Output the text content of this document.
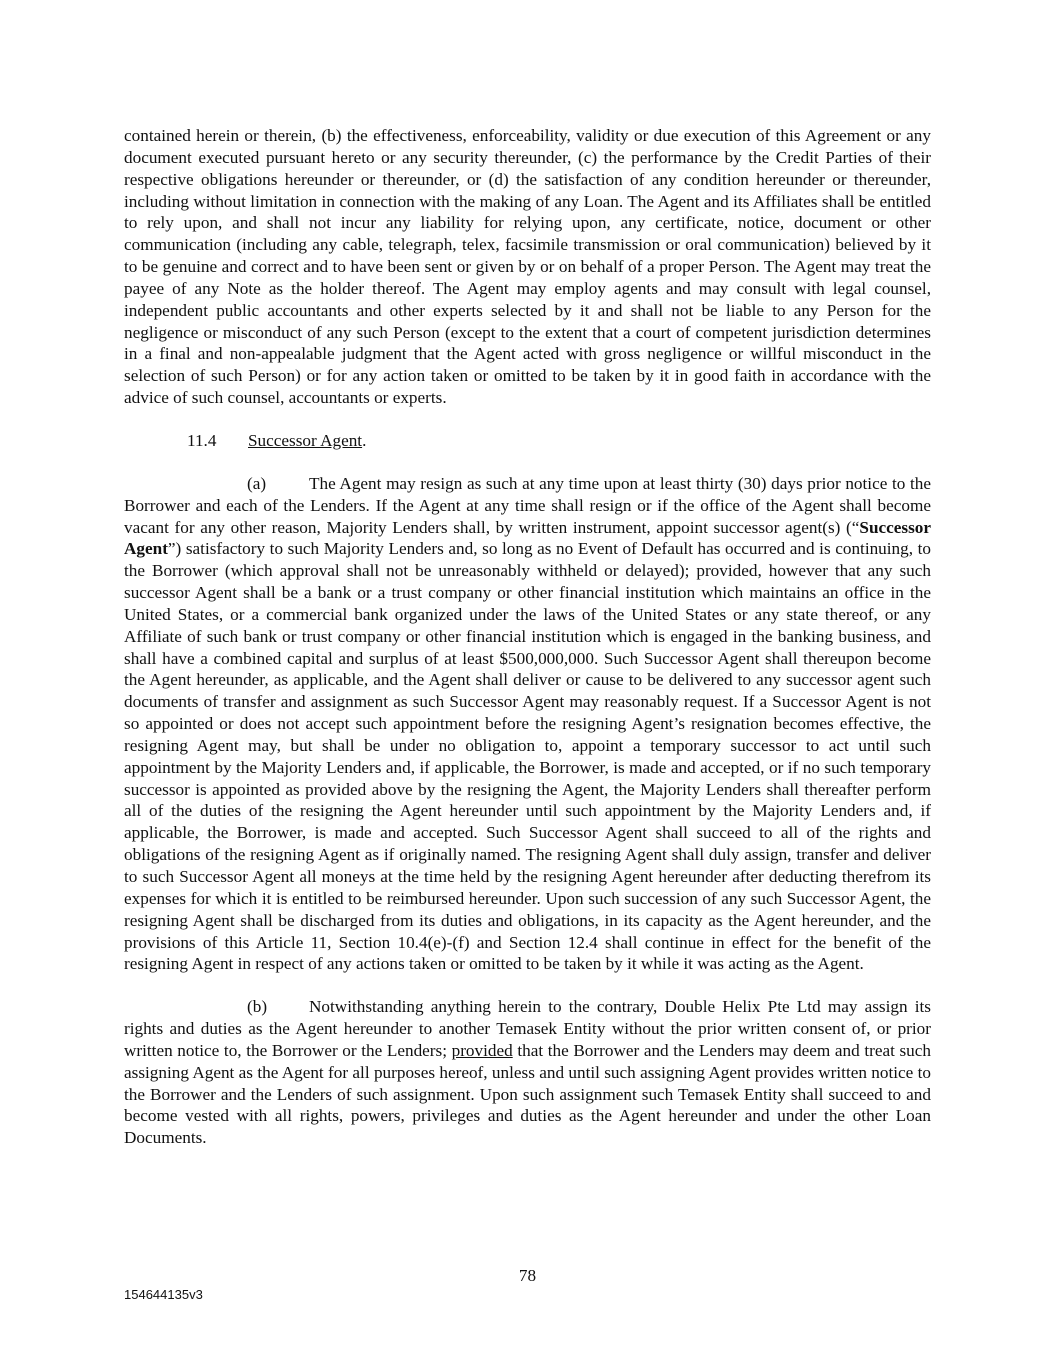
contained herein or therein, (b) the effectiveness, enforceability, validity or due execution of this Agreement or any document executed pursuant hereto or any security thereunder, (c) the performance by the Credit Parties of their respective obligations hereunder or thereunder, or (d) the satisfaction of any condition hereunder or thereunder, including without limitation in connection with the making of any Loan. The Agent and its Affiliates shall be entitled to rely upon, and shall not incur any liability for relying upon, any certificate, notice, document or other communication (including any cable, telegraph, telex, facsimile transmission or oral communication) believed by it to be genuine and correct and to have been sent or given by or on behalf of a proper Person. The Agent may treat the payee of any Note as the holder thereof. The Agent may employ agents and may consult with legal counsel, independent public accountants and other experts selected by it and shall not be liable to any Person for the negligence or misconduct of any such Person (except to the extent that a court of competent jurisdiction determines in a final and non-appealable judgment that the Agent acted with gross negligence or willful misconduct in the selection of such Person) or for any action taken or omitted to be taken by it in good faith in accordance with the advice of such counsel, accountants or experts.

11.4 Successor Agent.

(a) The Agent may resign as such at any time upon at least thirty (30) days prior notice to the Borrower and each of the Lenders. If the Agent at any time shall resign or if the office of the Agent shall become vacant for any other reason, Majority Lenders shall, by written instrument, appoint successor agent(s) (“Successor Agent”) satisfactory to such Majority Lenders and, so long as no Event of Default has occurred and is continuing, to the Borrower (which approval shall not be unreasonably withheld or delayed); provided, however that any such successor Agent shall be a bank or a trust company or other financial institution which maintains an office in the United States, or a commercial bank organized under the laws of the United States or any state thereof, or any Affiliate of such bank or trust company or other financial institution which is engaged in the banking business, and shall have a combined capital and surplus of at least $500,000,000. Such Successor Agent shall thereupon become the Agent hereunder, as applicable, and the Agent shall deliver or cause to be delivered to any successor agent such documents of transfer and assignment as such Successor Agent may reasonably request. If a Successor Agent is not so appointed or does not accept such appointment before the resigning Agent’s resignation becomes effective, the resigning Agent may, but shall be under no obligation to, appoint a temporary successor to act until such appointment by the Majority Lenders and, if applicable, the Borrower, is made and accepted, or if no such temporary successor is appointed as provided above by the resigning the Agent, the Majority Lenders shall thereafter perform all of the duties of the resigning the Agent hereunder until such appointment by the Majority Lenders and, if applicable, the Borrower, is made and accepted. Such Successor Agent shall succeed to all of the rights and obligations of the resigning Agent as if originally named. The resigning Agent shall duly assign, transfer and deliver to such Successor Agent all moneys at the time held by the resigning Agent hereunder after deducting therefrom its expenses for which it is entitled to be reimbursed hereunder. Upon such succession of any such Successor Agent, the resigning Agent shall be discharged from its duties and obligations, in its capacity as the Agent hereunder, and the provisions of this Article 11, Section 10.4(e)-(f) and Section 12.4 shall continue in effect for the benefit of the resigning Agent in respect of any actions taken or omitted to be taken by it while it was acting as the Agent.

(b) Notwithstanding anything herein to the contrary, Double Helix Pte Ltd may assign its rights and duties as the Agent hereunder to another Temasek Entity without the prior written consent of, or prior written notice to, the Borrower or the Lenders; provided that the Borrower and the Lenders may deem and treat such assigning Agent as the Agent for all purposes hereof, unless and until such assigning Agent provides written notice to the Borrower and the Lenders of such assignment. Upon such assignment such Temasek Entity shall succeed to and become vested with all rights, powers, privileges and duties as the Agent hereunder and under the other Loan Documents.

78
154644135v3
